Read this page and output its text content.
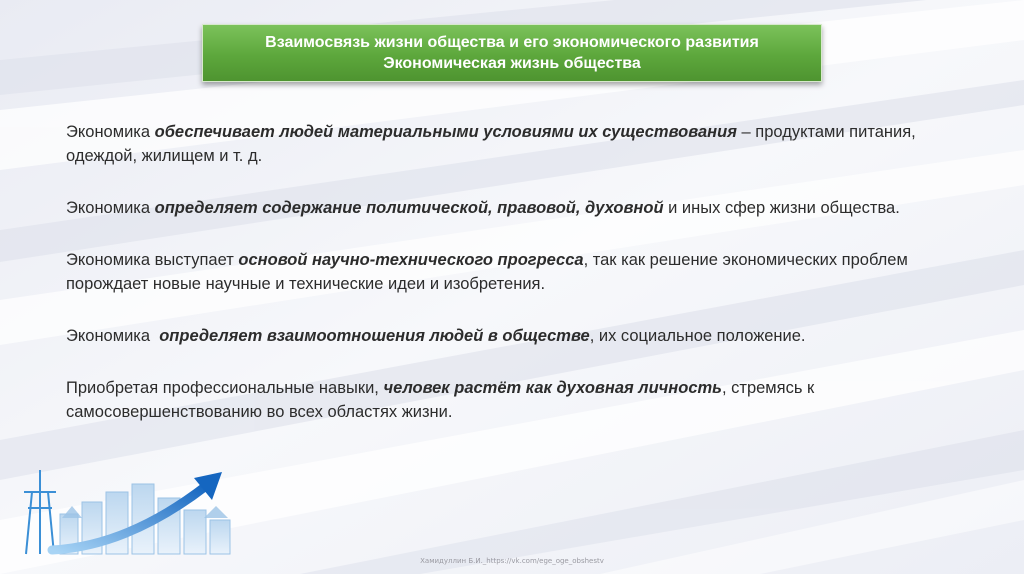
Взаимосвязь жизни общества и его экономического развития
Экономическая жизнь общества

Экономика обеспечивает людей материальными условиями их существования – продуктами питания, одеждой, жилищем и т. д.

Экономика определяет содержание политической, правовой, духовной и иных сфер жизни общества.

Экономика выступает основой научно-технического прогресса, так как решение экономических проблем порождает новые научные и технические идеи и изобретения.

Экономика  определяет взаимоотношения людей в обществе, их социальное положение.

Приобретая профессиональные навыки, человек растёт как духовная личность, стремясь к самосовершенствованию во всех областях жизни.

Хамидуллин Б.И._https://vk.com/ege_oge_obshestv
